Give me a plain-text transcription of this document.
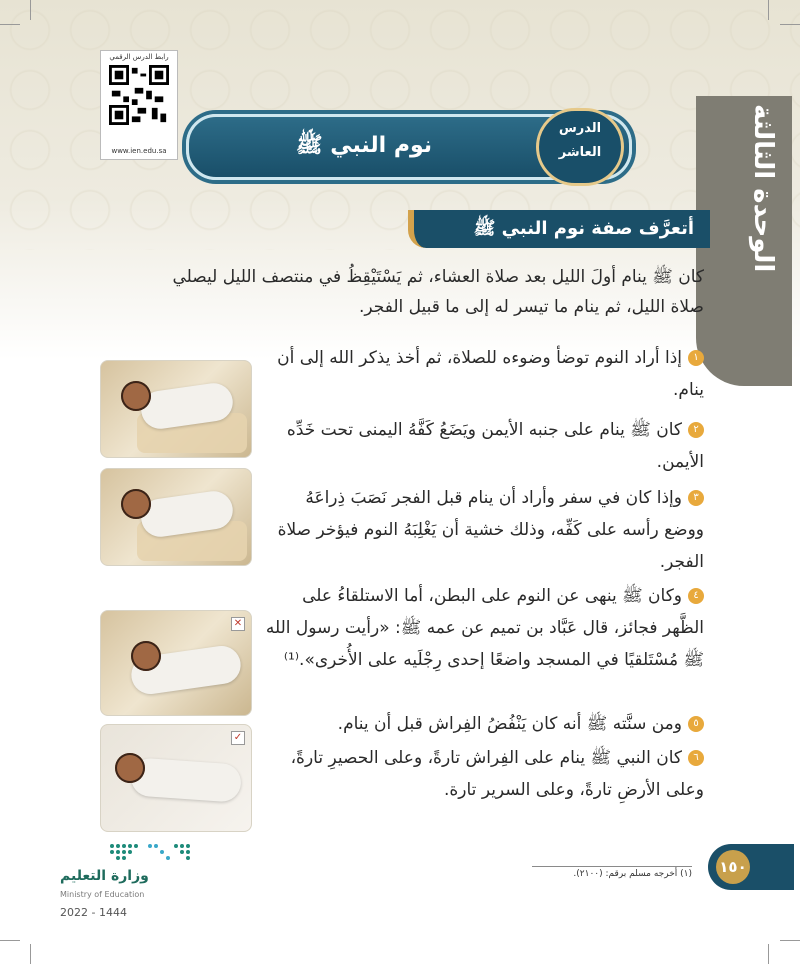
الوحدة الثالثة
رابط الدرس الرقمي
www.ien.edu.sa	نوم النبي ﷺ
الدرس
العاشر
أتعرَّف صفة نوم النبي ﷺ
كان ﷺ ينام أولَ الليل بعد صلاة العشاء، ثم يَسْتَيْقِظُ في منتصف الليل ليصلي صلاة الليل، ثم ينام ما تيسر له إلى ما قبيل الفجر.
١إذا أراد النوم توضأ وضوءه للصلاة، ثم أخذ يذكر الله إلى أن ينام.
٢كان ﷺ ينام على جنبه الأيمن ويَضَعُ كَفَّهُ اليمنى تحت خَدِّه الأيمن.
٣وإذا كان في سفر وأراد أن ينام قبل الفجر نَصَبَ ذِراعَهُ ووضع رأسه على كَفِّه، وذلك خشية أن يَغْلِبَهُ النوم فيؤخر صلاة الفجر.
٤وكان ﷺ ينهى عن النوم على البطن، أما الاستلقاءُ على الظَّهر فجائز، قال عَبَّاد بن تميم عن عمه ﷺ: «رأيت رسول الله ﷺ مُسْتَلقيًا في المسجد واضعًا إحدى رِجْلَيه على الأُخرى».⁽¹⁾
٥ومن سنَّته ﷺ أنه كان يَنْفُضُ الفِراش قبل أن ينام.
٦كان النبي ﷺ ينام على الفِراش تارةً، وعلى الحصيرِ تارةً، وعلى الأرضِ تارةً، وعلى السرير تارة.
✕
✓
وزارة التعليم
Ministry of Education
2022 - 1444
(١) أخرجه مسلم برقم: (٢١٠٠). ١٥٠
